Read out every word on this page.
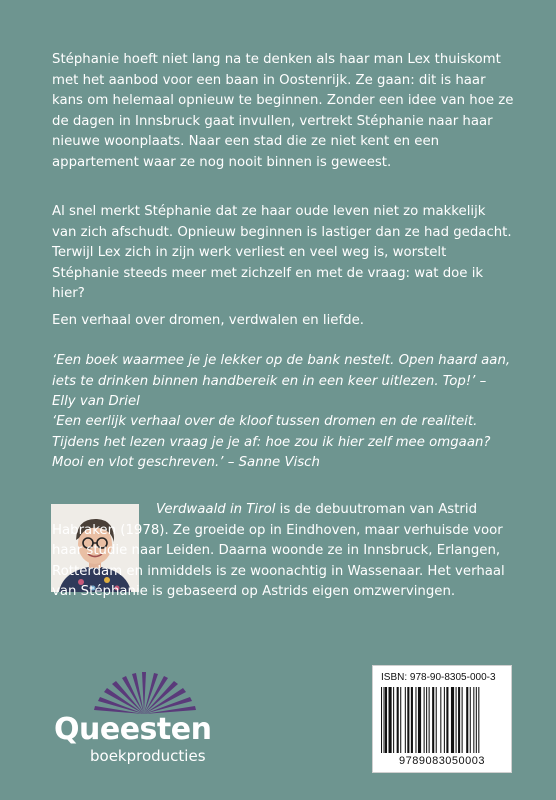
Stéphanie hoeft niet lang na te denken als haar man Lex thuiskomt met het aanbod voor een baan in Oostenrijk. Ze gaan: dit is haar kans om helemaal opnieuw te beginnen. Zonder een idee van hoe ze de dagen in Innsbruck gaat invullen, vertrekt Stéphanie naar haar nieuwe woonplaats. Naar een stad die ze niet kent en een appartement waar ze nog nooit binnen is geweest.

Al snel merkt Stéphanie dat ze haar oude leven niet zo makkelijk van zich afschudt. Opnieuw beginnen is lastiger dan ze had gedacht. Terwijl Lex zich in zijn werk verliest en veel weg is, worstelt Stéphanie steeds meer met zichzelf en met de vraag: wat doe ik hier?

Een verhaal over dromen, verdwalen en liefde.

‘Een boek waarmee je je lekker op de bank nestelt. Open haard aan, iets te drinken binnen handbereik en in een keer uitlezen. Top!’ – Elly van Driel

‘Een eerlijk verhaal over de kloof tussen dromen en de realiteit. Tijdens het lezen vraag je je af: hoe zou ik hier zelf mee omgaan? Mooi en vlot geschreven.’ – Sanne Visch

Verdwaald in Tirol is de debuutroman van Astrid Habraken (1978). Ze groeide op in Eindhoven, maar verhuisde voor haar studie naar Leiden. Daarna woonde ze in Innsbruck, Erlangen, Rotterdam en inmiddels is ze woonachtig in Wassenaar. Het verhaal van Stéphanie is gebaseerd op Astrids eigen omzwervingen.

Queesten
boekproducties
ISBN: 978-90-8305-000-3
9789083050003
